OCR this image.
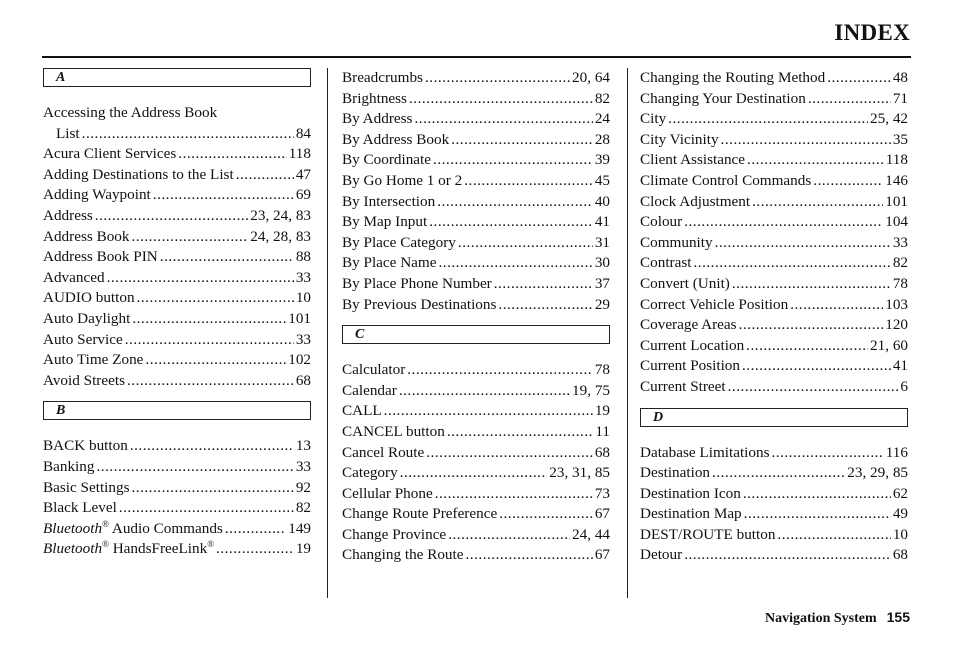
INDEX
A
Accessing the Address Book
List .....	84
Acura Client Services .....	118
Adding Destinations to the List .....	47
Adding Waypoint .....	69
Address .....	23, 24, 83
Address Book .....	24, 28, 83
Address Book PIN .....	88
Advanced .....	33
AUDIO button .....	10
Auto Daylight .....	101
Auto Service .....	33
Auto Time Zone .....	102
Avoid Streets .....	68
B
BACK button .....	13
Banking .....	33
Basic Settings .....	92
Black Level .....	82
Bluetooth® Audio Commands .....	149
Bluetooth® HandsFreeLink® .....	19
Breadcrumbs .....	20, 64
Brightness .....	82
By Address .....	24
By Address Book .....	28
By Coordinate .....	39
By Go Home 1 or 2 .....	45
By Intersection .....	40
By Map Input .....	41
By Place Category .....	31
By Place Name .....	30
By Place Phone Number .....	37
By Previous Destinations .....	29
C
Calculator .....	78
Calendar .....	19, 75
CALL .....	19
CANCEL button .....	11
Cancel Route .....	68
Category .....	23, 31, 85
Cellular Phone .....	73
Change Route Preference .....	67
Change Province .....	24, 44
Changing the Route .....	67
Changing the Routing Method .....	48
Changing Your Destination .....	71
City .....	25, 42
City Vicinity .....	35
Client Assistance .....	118
Climate Control Commands .....	146
Clock Adjustment .....	101
Colour .....	104
Community .....	33
Contrast .....	82
Convert (Unit) .....	78
Correct Vehicle Position .....	103
Coverage Areas .....	120
Current Location .....	21, 60
Current Position .....	41
Current Street .....	6
D
Database Limitations .....	116
Destination .....	23, 29, 85
Destination Icon .....	62
Destination Map .....	49
DEST/ROUTE button .....	10
Detour .....	68
Navigation System 155
